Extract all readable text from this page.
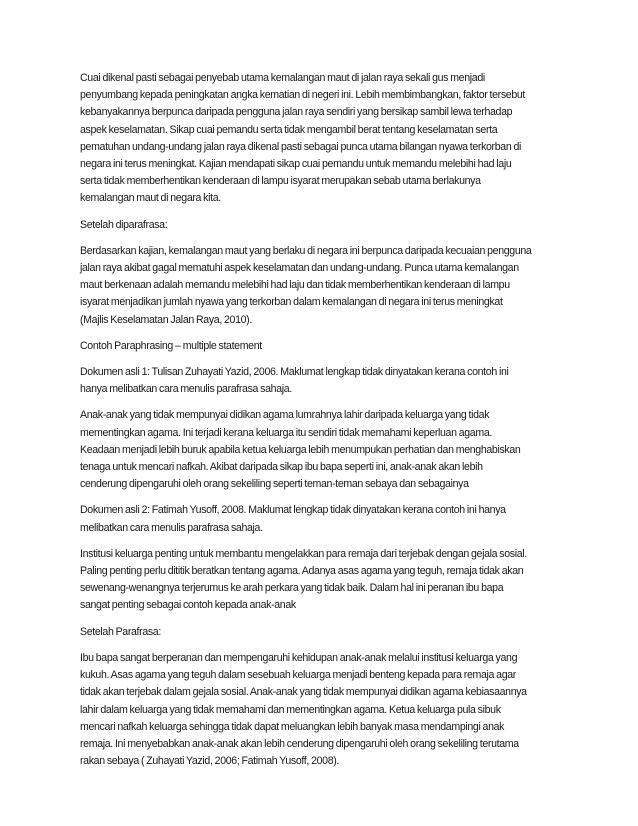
Cuai dikenal pasti sebagai penyebab utama kemalangan maut di jalan raya sekali gus menjadi
penyumbang kepada peningkatan angka kematian di negeri ini. Lebih membimbangkan, faktor tersebut
kebanyakannya berpunca daripada pengguna jalan raya sendiri yang bersikap sambil lewa terhadap
aspek keselamatan. Sikap cuai pemandu serta tidak mengambil berat tentang keselamatan serta
pematuhan undang-undang jalan raya dikenal pasti sebagai punca utama bilangan nyawa terkorban di
negara ini terus meningkat. Kajian mendapati sikap cuai pemandu untuk memandu melebihi had laju
serta tidak memberhentikan kenderaan di lampu isyarat merupakan sebab utama berlakunya
kemalangan maut di negara kita.

Setelah diparafrasa:

Berdasarkan kajian, kemalangan maut yang berlaku di negara ini berpunca daripada kecuaian pengguna
jalan raya akibat gagal mematuhi aspek keselamatan dan undang-undang. Punca utama kemalangan
maut berkenaan adalah memandu melebihi had laju dan tidak memberhentikan kenderaan di lampu
isyarat menjadikan jumlah nyawa yang terkorban dalam kemalangan di negara ini terus meningkat
(Majlis Keselamatan Jalan Raya, 2010).

Contoh Paraphrasing – multiple statement

Dokumen asli 1: Tulisan Zuhayati Yazid, 2006. Maklumat lengkap tidak dinyatakan kerana contoh ini
hanya melibatkan cara menulis parafrasa sahaja.

Anak-anak yang tidak mempunyai didikan agama lumrahnya lahir daripada keluarga yang tidak
mementingkan agama. Ini terjadi kerana keluarga itu sendiri tidak memahami keperluan agama.
Keadaan menjadi lebih buruk apabila ketua keluarga lebih menumpukan perhatian dan menghabiskan
tenaga untuk mencari nafkah. Akibat daripada sikap ibu bapa seperti ini, anak-anak akan lebih
cenderung dipengaruhi oleh orang sekeliling seperti teman-teman sebaya dan sebagainya

Dokumen asli 2: Fatimah Yusoff, 2008. Maklumat lengkap tidak dinyatakan kerana contoh ini hanya
melibatkan cara menulis parafrasa sahaja.

Institusi keluarga penting untuk membantu mengelakkan para remaja dari terjebak dengan gejala sosial.
Paling penting perlu dititik beratkan tentang agama. Adanya asas agama yang teguh, remaja tidak akan
sewenang-wenangnya terjerumus ke arah perkara yang tidak baik. Dalam hal ini peranan ibu bapa
sangat penting sebagai contoh kepada anak-anak

Setelah Parafrasa:

Ibu bapa sangat berperanan dan mempengaruhi kehidupan anak-anak melalui institusi keluarga yang
kukuh. Asas agama yang teguh dalam sesebuah keluarga menjadi benteng kepada para remaja agar
tidak akan terjebak dalam gejala sosial. Anak-anak yang tidak mempunyai didikan agama kebiasaannya
lahir dalam keluarga yang tidak memahami dan mementingkan agama. Ketua keluarga pula sibuk
mencari nafkah keluarga sehingga tidak dapat meluangkan lebih banyak masa mendampingi anak
remaja. Ini menyebabkan anak-anak akan lebih cenderung dipengaruhi oleh orang sekeliling terutama
rakan sebaya ( Zuhayati Yazid, 2006; Fatimah Yusoff, 2008).
